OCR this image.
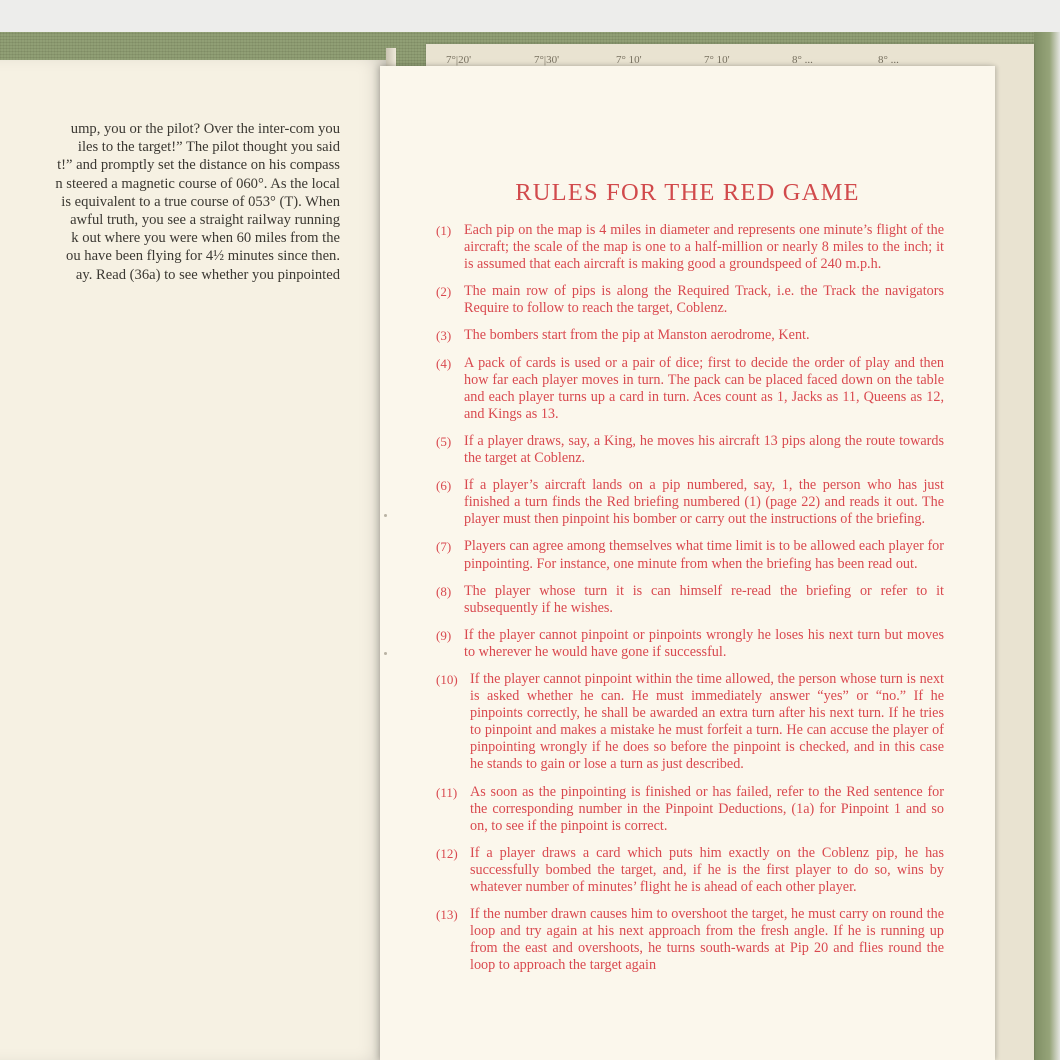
ump, you or the pilot? Over the inter-com you
iles to the target!” The pilot thought you said
t!” and promptly set the distance on his compass
n steered a magnetic course of 060°. As the local
is equivalent to a true course of 053° (T). When
awful truth, you see a straight railway running
k out where you were when 60 miles from the
ou have been flying for 4½ minutes since then.
ay. Read (36a) to see whether you pinpointed
7°|20'	7°|30'	7° 10'	7° 10'	8° ...	8° ...
RULES FOR THE RED GAME
(1) Each pip on the map is 4 miles in diameter and represents one minute’s flight of the aircraft; the scale of the map is one to a half-million or nearly 8 miles to the inch; it is assumed that each aircraft is making good a groundspeed of 240 m.p.h.
(2) The main row of pips is along the Required Track, i.e. the Track the navigators Require to follow to reach the target, Coblenz.
(3) The bombers start from the pip at Manston aerodrome, Kent.
(4) A pack of cards is used or a pair of dice; first to decide the order of play and then how far each player moves in turn. The pack can be placed faced down on the table and each player turns up a card in turn. Aces count as 1, Jacks as 11, Queens as 12, and Kings as 13.
(5) If a player draws, say, a King, he moves his aircraft 13 pips along the route towards the target at Coblenz.
(6) If a player’s aircraft lands on a pip numbered, say, 1, the person who has just finished a turn finds the Red briefing numbered (1) (page 22) and reads it out. The player must then pinpoint his bomber or carry out the instructions of the briefing.
(7) Players can agree among themselves what time limit is to be allowed each player for pinpointing. For instance, one minute from when the briefing has been read out.
(8) The player whose turn it is can himself re-read the briefing or refer to it subsequently if he wishes.
(9) If the player cannot pinpoint or pinpoints wrongly he loses his next turn but moves to wherever he would have gone if successful.
(10) If the player cannot pinpoint within the time allowed, the person whose turn is next is asked whether he can. He must immediately answer “yes” or “no.” If he pinpoints correctly, he shall be awarded an extra turn after his next turn. If he tries to pinpoint and makes a mistake he must forfeit a turn. He can accuse the player of pinpointing wrongly if he does so before the pinpoint is checked, and in this case he stands to gain or lose a turn as just described.
(11) As soon as the pinpointing is finished or has failed, refer to the Red sentence for the corresponding number in the Pinpoint Deductions, (1a) for Pinpoint 1 and so on, to see if the pinpoint is correct.
(12) If a player draws a card which puts him exactly on the Coblenz pip, he has successfully bombed the target, and, if he is the first player to do so, wins by whatever number of minutes’ flight he is ahead of each other player.
(13) If the number drawn causes him to overshoot the target, he must carry on round the loop and try again at his next approach from the fresh angle. If he is running up from the east and overshoots, he turns south-wards at Pip 20 and flies round the loop to approach the target again
